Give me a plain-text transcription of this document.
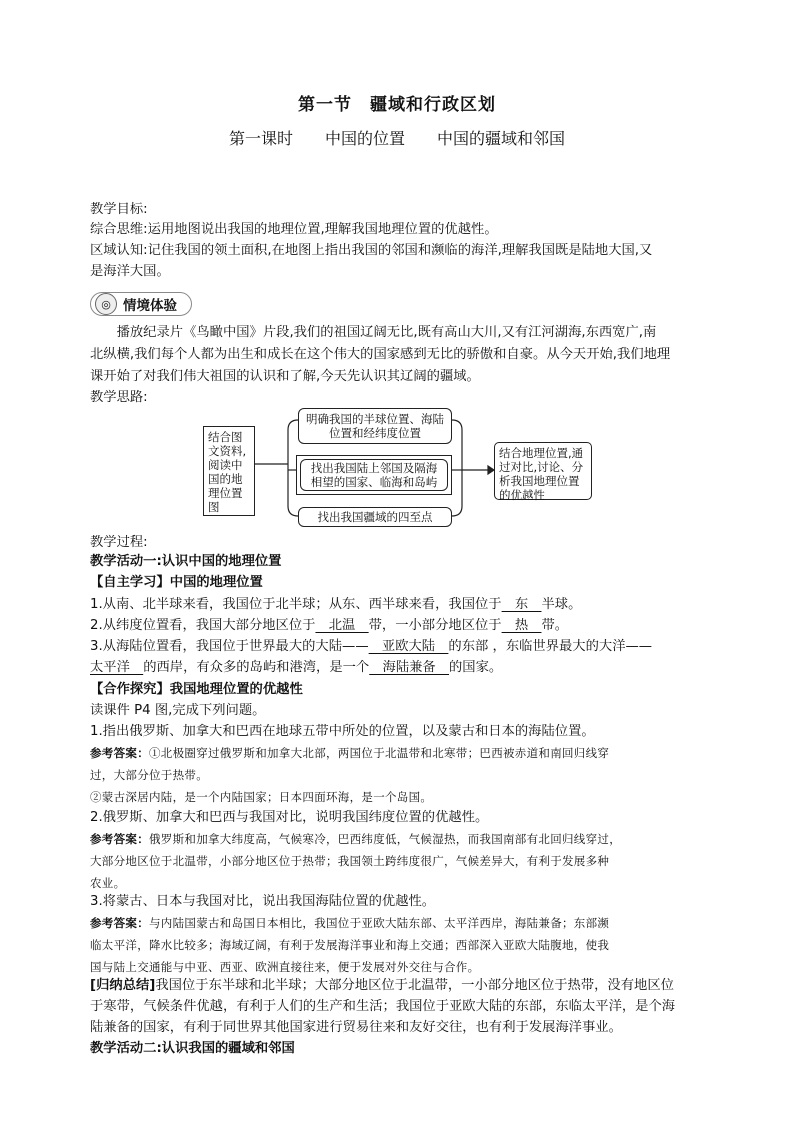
第一节　疆域和行政区划
第一课时   中国的位置   中国的疆域和邻国
教学目标:
综合思维:运用地图说出我国的地理位置,理解我国地理位置的优越性。
区域认知:记住我国的领土面积,在地图上指出我国的邻国和濒临的海洋,理解我国既是陆地大国,又
是海洋大国。
◎ 情境体验
播放纪录片《鸟瞰中国》片段,我们的祖国辽阔无比,既有高山大川,又有江河湖海,东西宽广,南
北纵横,我们每个人都为出生和成长在这个伟大的国家感到无比的骄傲和自豪。从今天开始,我们地理
课开始了对我们伟大祖国的认识和了解,今天先认识其辽阔的疆域。
教学思路:
结合图文资料,阅读中国的地理位置图
明确我国的半球位置、海陆位置和经纬度位置
找出我国陆上邻国及隔海相望的国家、临海和岛屿
找出我国疆域的四至点
结合地理位置,通过对比,讨论、分析我国地理位置的优越性
教学过程:
教学活动一:认识中国的地理位置
【自主学习】中国的地理位置
1.从南、北半球来看，我国位于北半球；从东、西半球来看，我国位于　东　半球。
2.从纬度位置看，我国大部分地区位于　北温　带，一小部分地区位于　热　带。
3.从海陆位置看，我国位于世界最大的大陆——　亚欧大陆　的东部 ，东临世界最大的大洋——
太平洋　的西岸，有众多的岛屿和港湾，是一个　海陆兼备　的国家。
【合作探究】我国地理位置的优越性
读课件 P4 图,完成下列问题。
1.指出俄罗斯、加拿大和巴西在地球五带中所处的位置，以及蒙古和日本的海陆位置。
参考答案：①北极圈穿过俄罗斯和加拿大北部，两国位于北温带和北寒带；巴西被赤道和南回归线穿
过，大部分位于热带。
②蒙古深居内陆，是一个内陆国家；日本四面环海，是一个岛国。
2.俄罗斯、加拿大和巴西与我国对比，说明我国纬度位置的优越性。
参考答案：俄罗斯和加拿大纬度高，气候寒冷，巴西纬度低，气候湿热，而我国南部有北回归线穿过，
大部分地区位于北温带，小部分地区位于热带；我国领土跨纬度很广，气候差异大，有利于发展多种
农业。
3.将蒙古、日本与我国对比，说出我国海陆位置的优越性。
参考答案：与内陆国蒙古和岛国日本相比，我国位于亚欧大陆东部、太平洋西岸，海陆兼备；东部濒
临太平洋，降水比较多；海域辽阔，有利于发展海洋事业和海上交通；西部深入亚欧大陆腹地，使我
国与陆上交通能与中亚、西亚、欧洲直接往来，便于发展对外交往与合作。
[归纳总结]我国位于东半球和北半球；大部分地区位于北温带，一小部分地区位于热带，没有地区位
于寒带，气候条件优越，有利于人们的生产和生活；我国位于亚欧大陆的东部，东临太平洋，是个海
陆兼备的国家，有利于同世界其他国家进行贸易往来和友好交往，也有利于发展海洋事业。
教学活动二:认识我国的疆域和邻国
